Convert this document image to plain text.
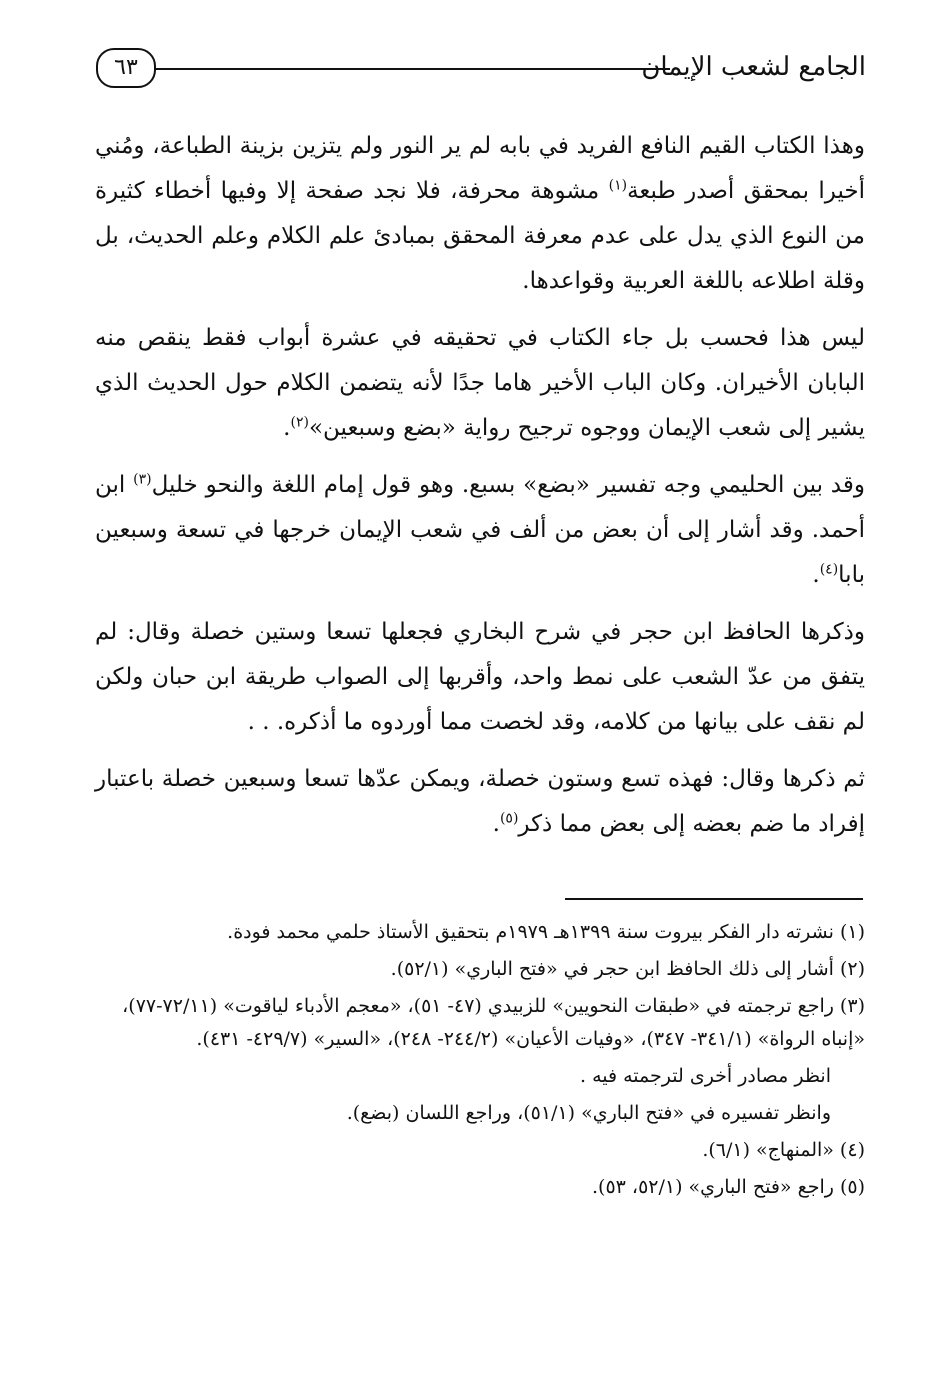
٦٣	الجامع لشعب الإيمان

وهذا الكتاب القيم النافع الفريد في بابه لم ير النور ولم يتزين بزينة الطباعة، ومُني أخيرا بمحقق أصدر طبعة$^{(١)}$ مشوهة محرفة، فلا نجد صفحة إلا وفيها أخطاء كثيرة من النوع الذي يدل على عدم معرفة المحقق بمبادئ علم الكلام وعلم الحديث، بل وقلة اطلاعه باللغة العربية وقواعدها.

ليس هذا فحسب بل جاء الكتاب في تحقيقه في عشرة أبواب فقط ينقص منه البابان الأخيران. وكان الباب الأخير هاما جدًا لأنه يتضمن الكلام حول الحديث الذي يشير إلى شعب الإيمان ووجوه ترجيح رواية «بضع وسبعين»$^{(٢)}$.

وقد بين الحليمي وجه تفسير «بضع» بسبع. وهو قول إمام اللغة والنحو خليل$^{(٣)}$ ابن أحمد. وقد أشار إلى أن بعض من ألف في شعب الإيمان خرجها في تسعة وسبعين بابا$^{(٤)}$.

وذكرها الحافظ ابن حجر في شرح البخاري فجعلها تسعا وستين خصلة وقال: لم يتفق من عدّ الشعب على نمط واحد، وأقربها إلى الصواب طريقة ابن حبان ولكن لم نقف على بيانها من كلامه، وقد لخصت مما أوردوه ما أذكره. . .

ثم ذكرها وقال: فهذه تسع وستون خصلة، ويمكن عدّها تسعا وسبعين خصلة باعتبار إفراد ما ضم بعضه إلى بعض مما ذكر$^{(٥)}$.

(١) نشرته دار الفكر بيروت سنة ١٣٩٩هـ ١٩٧٩م بتحقيق الأستاذ حلمي محمد فودة.

(٢) أشار إلى ذلك الحافظ ابن حجر في «فتح الباري» (٥٢/١).

(٣) راجع ترجمته في «طبقات النحويين» للزبيدي (٤٧- ٥١)، «معجم الأدباء لياقوت» (٧٢/١١-٧٧)، «إنباه الرواة» (٣٤١/١- ٣٤٧)، «وفيات الأعيان» (٢٤٤/٢- ٢٤٨)، «السير» (٤٢٩/٧- ٤٣١).

انظر مصادر أخرى لترجمته فيه .

وانظر تفسيره في «فتح الباري» (٥١/١)، وراجع اللسان (بضع).

(٤) «المنهاج» (٦/١).

(٥) راجع «فتح الباري» (٥٢/١، ٥٣).
